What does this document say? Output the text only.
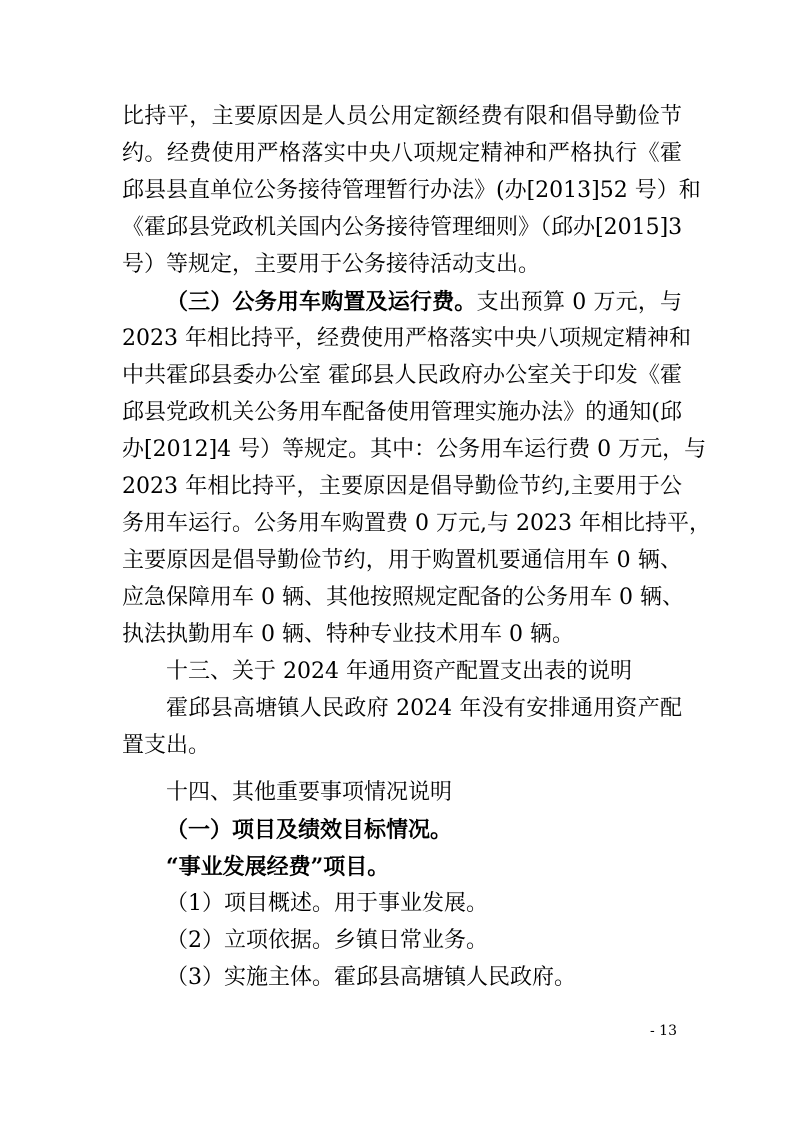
比持平，主要原因是人员公用定额经费有限和倡导勤俭节

约。经费使用严格落实中央八项规定精神和严格执行《霍

邱县县直单位公务接待管理暂行办法》(办[2013]52 号）和

《霍邱县党政机关国内公务接待管理细则》（邱办[2015]3

号）等规定，主要用于公务接待活动支出。

（三）公务用车购置及运行费。支出预算 0 万元，与

2023 年相比持平，经费使用严格落实中央八项规定精神和

中共霍邱县委办公室 霍邱县人民政府办公室关于印发《霍

邱县党政机关公务用车配备使用管理实施办法》的通知(邱

办[2012]4 号）等规定。其中：公务用车运行费 0 万元，与

2023 年相比持平，主要原因是倡导勤俭节约,主要用于公

务用车运行。公务用车购置费 0 万元,与 2023 年相比持平，

主要原因是倡导勤俭节约，用于购置机要通信用车 0 辆、

应急保障用车 0 辆、其他按照规定配备的公务用车 0 辆、

执法执勤用车 0 辆、特种专业技术用车 0 辆。

十三、关于 2024 年通用资产配置支出表的说明

霍邱县高塘镇人民政府 2024 年没有安排通用资产配

置支出。

十四、其他重要事项情况说明

（一）项目及绩效目标情况。

“事业发展经费”项目。

（1）项目概述。用于事业发展。

（2）立项依据。乡镇日常业务。

（3）实施主体。霍邱县高塘镇人民政府。

- 13
